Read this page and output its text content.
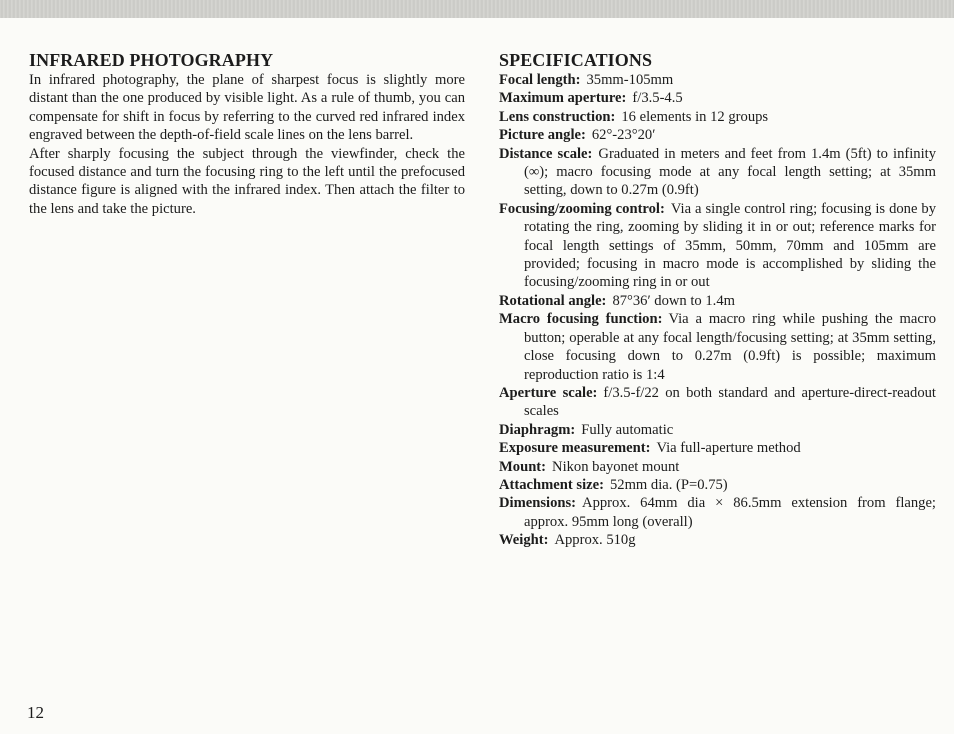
INFRARED PHOTOGRAPHY

In infrared photography, the plane of sharpest focus is slightly more distant than the one produced by visible light. As a rule of thumb, you can compensate for shift in focus by referring to the curved red infrared index engraved between the depth-of-field scale lines on the lens barrel.

After sharply focusing the subject through the viewfinder, check the focused distance and turn the focusing ring to the left until the prefocused distance figure is aligned with the infrared index. Then attach the filter to the lens and take the picture.

SPECIFICATIONS

Focal length: 35mm-105mm

Maximum aperture: f/3.5-4.5

Lens construction: 16 elements in 12 groups

Picture angle: 62°-23°20′

Distance scale: Graduated in meters and feet from 1.4m (5ft) to infinity (∞); macro focusing mode at any focal length setting; at 35mm setting, down to 0.27m (0.9ft)

Focusing/zooming control: Via a single control ring; focusing is done by rotating the ring, zooming by sliding it in or out; reference marks for focal length settings of 35mm, 50mm, 70mm and 105mm are provided; focusing in macro mode is accomplished by sliding the focusing/zooming ring in or out

Rotational angle: 87°36′ down to 1.4m

Macro focusing function: Via a macro ring while pushing the macro button; operable at any focal length/focusing setting; at 35mm setting, close focusing down to 0.27m (0.9ft) is possible; maximum reproduction ratio is 1:4

Aperture scale: f/3.5-f/22 on both standard and aperture-direct-readout scales

Diaphragm: Fully automatic

Exposure measurement: Via full-aperture method

Mount: Nikon bayonet mount

Attachment size: 52mm dia. (P=0.75)

Dimensions: Approx. 64mm dia × 86.5mm extension from flange; approx. 95mm long (overall)

Weight: Approx. 510g

12
